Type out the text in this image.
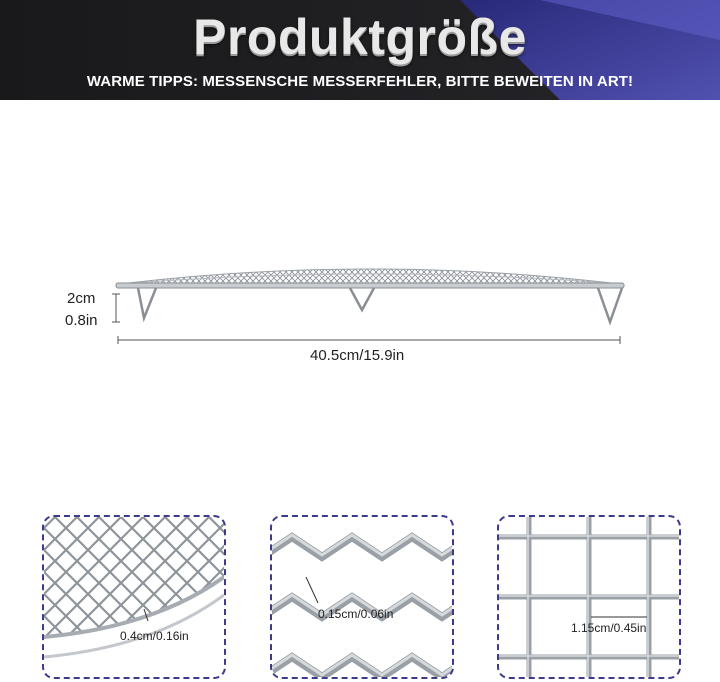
Produktgröße
WARME TIPPS: MESSENSCHE MESSERFEHLER, BITTE BEWEITEN IN ART!
2cm
0.8in
40.5cm/15.9in
0.4cm/0.16in
0.15cm/0.06in
1.15cm/0.45in
